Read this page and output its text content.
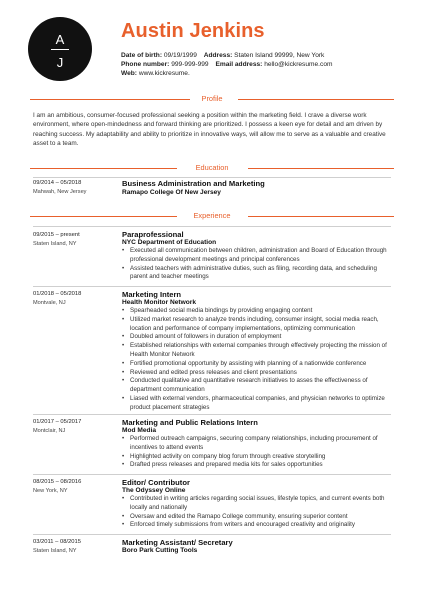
A
J
Austin Jenkins
Date of birth: 09/19/1999 Address: Staten Island 99999, New York
Phone number: 999-999-999 Email address: hello@kickresume.com
Web: www.kickresume.
Profile
I am an ambitious, consumer-focused professional seeking a position within the marketing field. I crave a diverse work environment, where open-mindedness and forward thinking are prioritized. I possess a keen eye for detail and am driven by reaching success. My adaptability and ability to prioritize in innovative ways, will allow me to serve as a valuable and creative asset to a team.
Education
09/2014 – 05/2018
Mahwah, New Jersey
Business Administration and Marketing
Ramapo College Of New Jersey
Experience
09/2015 – present
Staten Island, NY
Paraprofessional
NYC Department of Education
• Executed all communication between children, administration and Board of Education through professional development meetings and principal conferences
• Assisted teachers with administrative duties, such as filing, recording data, and scheduling parent and teacher meetings
01/2018 – 05/2018
Montvale, NJ
Marketing Intern
Health Monitor Network
• Spearheaded social media bindings by providing engaging content
• Utilized market research to analyze trends including, consumer insight, social media reach, location and performance of company implementations, optimizing communication
• Doubled amount of followers in duration of employment
• Established relationships with external companies through effectively projecting the mission of Health Monitor Network
• Fortified promotional opportunity by assisting with planning of a nationwide conference
• Reviewed and edited press releases and client presentations
• Conducted qualitative and quantitative research initiatives to asses the effectiveness of department communication
• Liased with external vendors, pharmaceutical companies, and physician networks to optimize product placement strategies
01/2017 – 05/2017
Montclair, NJ
Marketing and Public Relations Intern
Mod Media
• Performed outreach campaigns, securing company relationships, including procurement of incentives to attend events
• Highlighted activity on company blog forum through creative storytelling
• Drafted press releases and prepared media kits for sales opportunities
08/2015 – 08/2016
New York, NY
Editor/ Contributor
The Odyssey Online
• Contributed in writing articles regarding social issues, lifestyle topics, and current events both locally and nationally
• Oversaw and edited the Ramapo College community, ensuring superior content
• Enforced timely submissions from writers and encouraged creativity and originality
03/2011 – 08/2015
Staten Island, NY
Marketing Assistant/ Secretary
Boro Park Cutting Tools
